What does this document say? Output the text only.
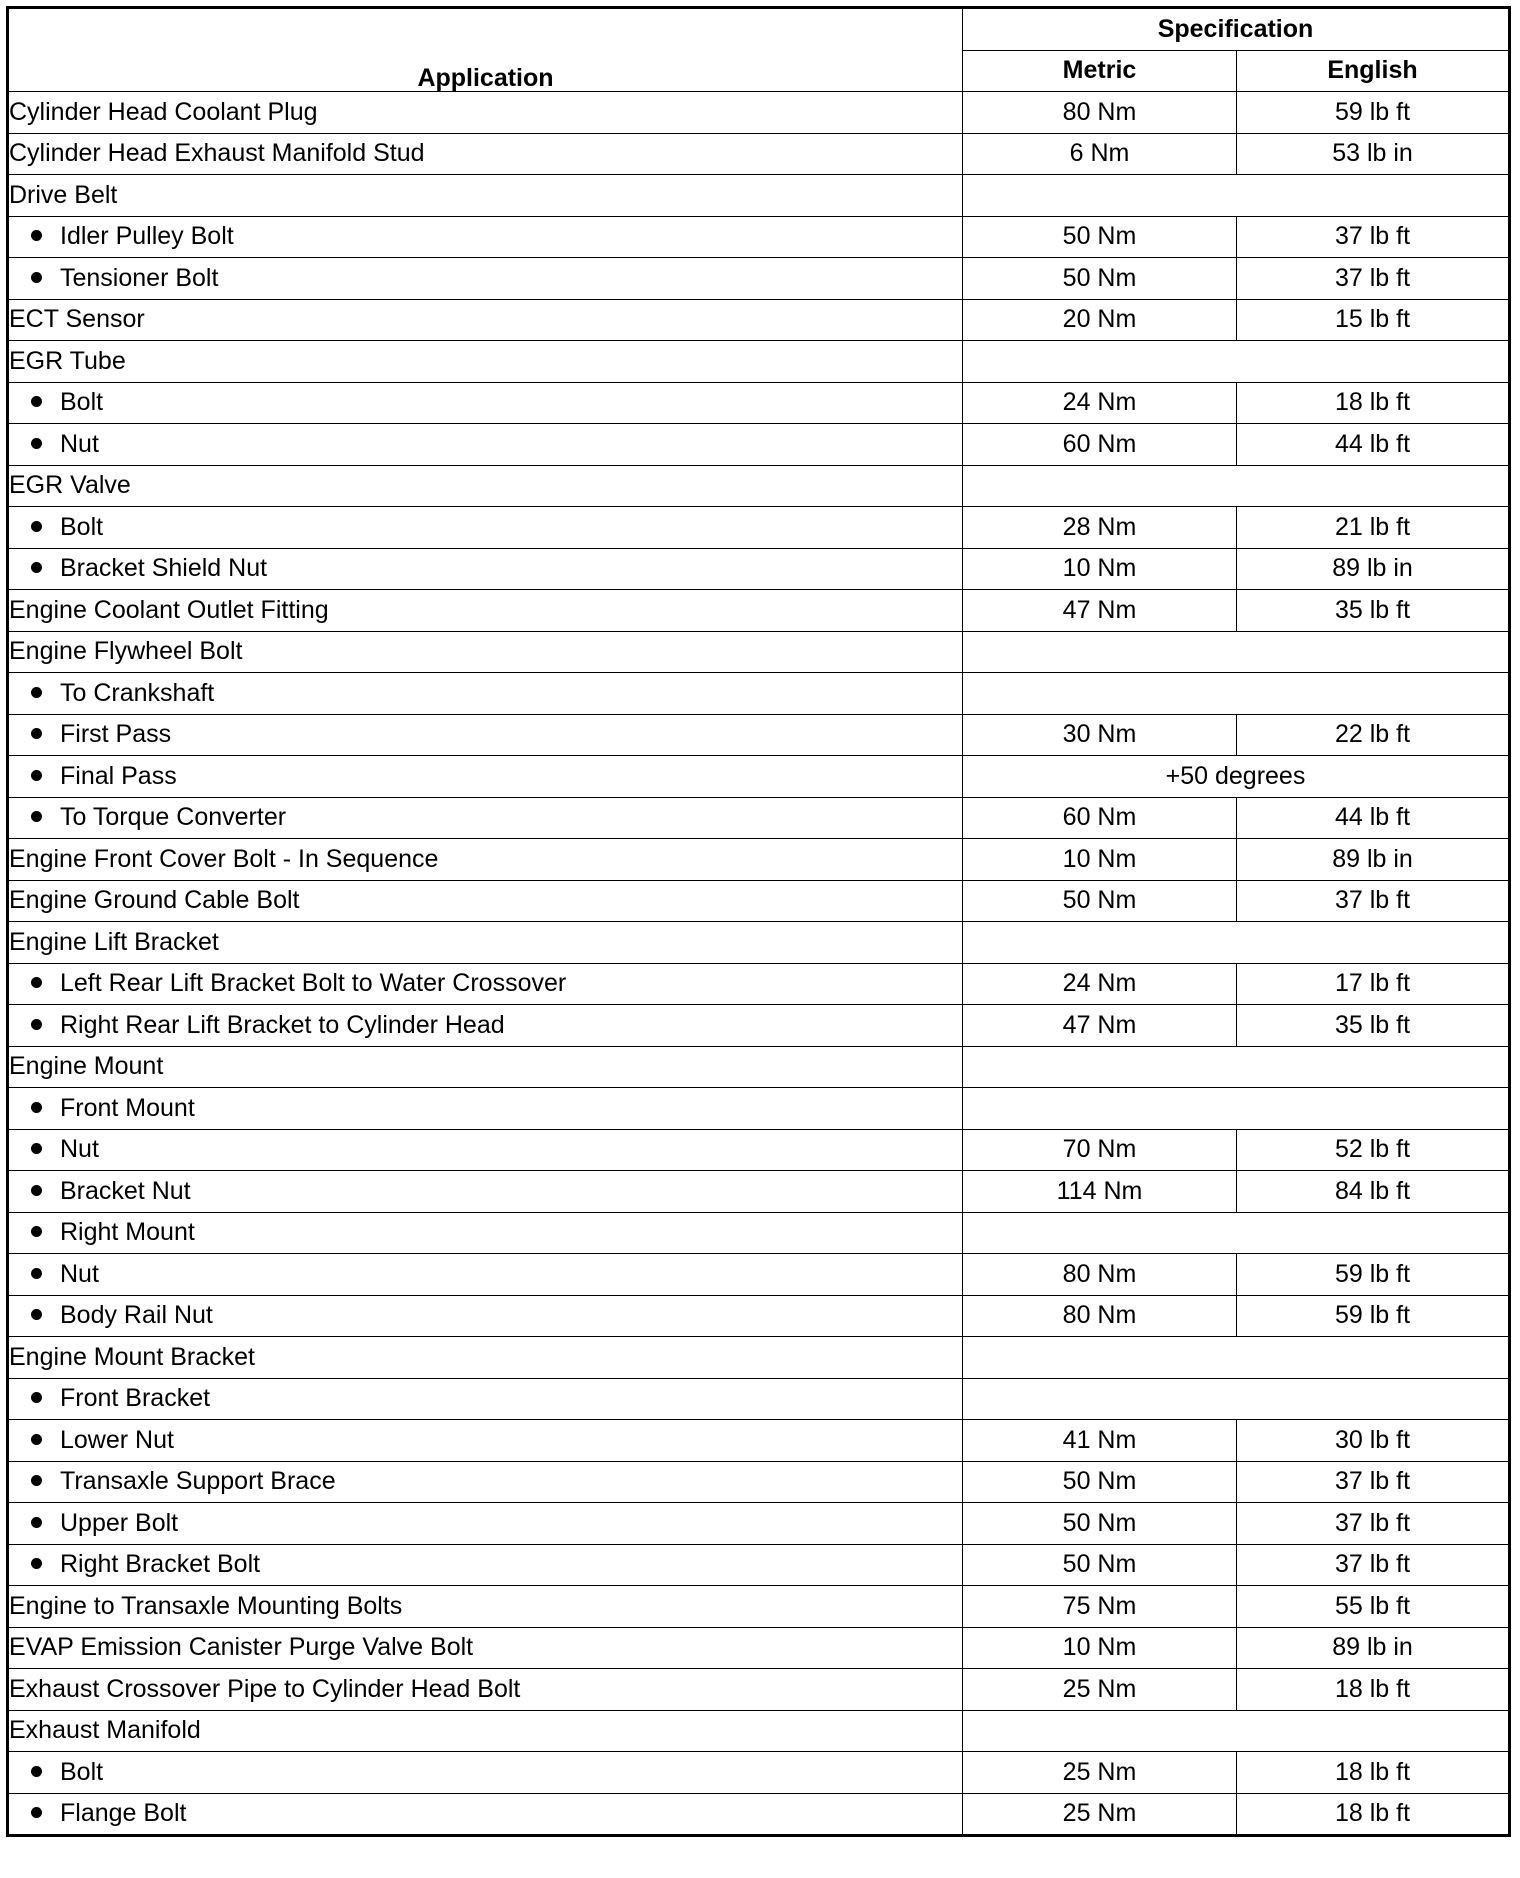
Application	Specification	
	Metric	English
Cylinder Head Coolant Plug	80 Nm	59 lb ft
Cylinder Head Exhaust Manifold Stud	6 Nm	53 lb in
Drive Belt		
Idler Pulley Bolt	50 Nm	37 lb ft
Tensioner Bolt	50 Nm	37 lb ft
ECT Sensor	20 Nm	15 lb ft
EGR Tube		
Bolt	24 Nm	18 lb ft
Nut	60 Nm	44 lb ft
EGR Valve		
Bolt	28 Nm	21 lb ft
Bracket Shield Nut	10 Nm	89 lb in
Engine Coolant Outlet Fitting	47 Nm	35 lb ft
Engine Flywheel Bolt		
To Crankshaft		
First Pass	30 Nm	22 lb ft
Final Pass	+50 degrees	
To Torque Converter	60 Nm	44 lb ft
Engine Front Cover Bolt - In Sequence	10 Nm	89 lb in
Engine Ground Cable Bolt	50 Nm	37 lb ft
Engine Lift Bracket		
Left Rear Lift Bracket Bolt to Water Crossover	24 Nm	17 lb ft
Right Rear Lift Bracket to Cylinder Head	47 Nm	35 lb ft
Engine Mount		
Front Mount		
Nut	70 Nm	52 lb ft
Bracket Nut	114 Nm	84 lb ft
Right Mount		
Nut	80 Nm	59 lb ft
Body Rail Nut	80 Nm	59 lb ft
Engine Mount Bracket		
Front Bracket		
Lower Nut	41 Nm	30 lb ft
Transaxle Support Brace	50 Nm	37 lb ft
Upper Bolt	50 Nm	37 lb ft
Right Bracket Bolt	50 Nm	37 lb ft
Engine to Transaxle Mounting Bolts	75 Nm	55 lb ft
EVAP Emission Canister Purge Valve Bolt	10 Nm	89 lb in
Exhaust Crossover Pipe to Cylinder Head Bolt	25 Nm	18 lb ft
Exhaust Manifold		
Bolt	25 Nm	18 lb ft
Flange Bolt	25 Nm	18 lb ft
